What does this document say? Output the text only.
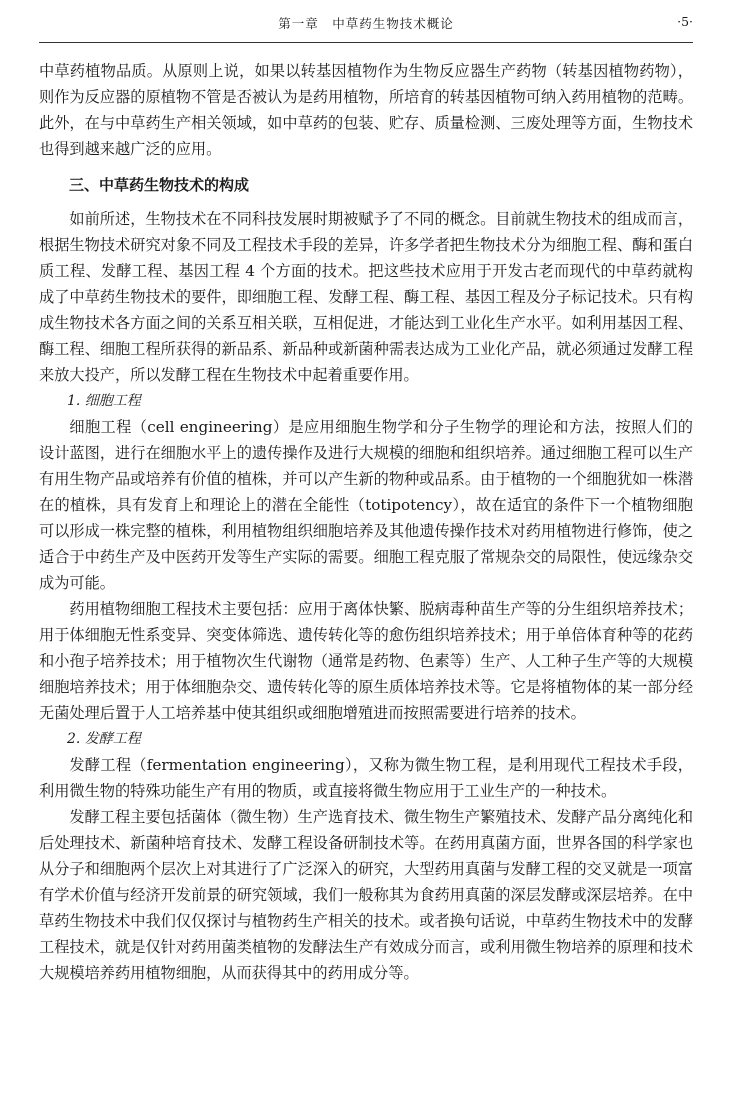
第一章　中草药生物技术概论	·5·

中草药植物品质。从原则上说，如果以转基因植物作为生物反应器生产药物（转基因植物药物），则作为反应器的原植物不管是否被认为是药用植物，所培育的转基因植物可纳入药用植物的范畴。此外，在与中草药生产相关领域，如中草药的包装、贮存、质量检测、三废处理等方面，生物技术也得到越来越广泛的应用。

三、中草药生物技术的构成

如前所述，生物技术在不同科技发展时期被赋予了不同的概念。目前就生物技术的组成而言，根据生物技术研究对象不同及工程技术手段的差异，许多学者把生物技术分为细胞工程、酶和蛋白质工程、发酵工程、基因工程 4 个方面的技术。把这些技术应用于开发古老而现代的中草药就构成了中草药生物技术的要件，即细胞工程、发酵工程、酶工程、基因工程及分子标记技术。只有构成生物技术各方面之间的关系互相关联，互相促进，才能达到工业化生产水平。如利用基因工程、酶工程、细胞工程所获得的新品系、新品种或新菌种需表达成为工业化产品，就必须通过发酵工程来放大投产，所以发酵工程在生物技术中起着重要作用。

1. 细胞工程

细胞工程（cell engineering）是应用细胞生物学和分子生物学的理论和方法，按照人们的设计蓝图，进行在细胞水平上的遗传操作及进行大规模的细胞和组织培养。通过细胞工程可以生产有用生物产品或培养有价值的植株，并可以产生新的物种或品系。由于植物的一个细胞犹如一株潜在的植株，具有发育上和理论上的潜在全能性（totipotency），故在适宜的条件下一个植物细胞可以形成一株完整的植株，利用植物组织细胞培养及其他遗传操作技术对药用植物进行修饰，使之适合于中药生产及中医药开发等生产实际的需要。细胞工程克服了常规杂交的局限性，使远缘杂交成为可能。

药用植物细胞工程技术主要包括：应用于离体快繁、脱病毒种苗生产等的分生组织培养技术；用于体细胞无性系变异、突变体筛选、遗传转化等的愈伤组织培养技术；用于单倍体育种等的花药和小孢子培养技术；用于植物次生代谢物（通常是药物、色素等）生产、人工种子生产等的大规模细胞培养技术；用于体细胞杂交、遗传转化等的原生质体培养技术等。它是将植物体的某一部分经无菌处理后置于人工培养基中使其组织或细胞增殖进而按照需要进行培养的技术。

2. 发酵工程

发酵工程（fermentation engineering），又称为微生物工程，是利用现代工程技术手段，利用微生物的特殊功能生产有用的物质，或直接将微生物应用于工业生产的一种技术。

发酵工程主要包括菌体（微生物）生产选育技术、微生物生产繁殖技术、发酵产品分离纯化和后处理技术、新菌种培育技术、发酵工程设备研制技术等。在药用真菌方面，世界各国的科学家也从分子和细胞两个层次上对其进行了广泛深入的研究，大型药用真菌与发酵工程的交叉就是一项富有学术价值与经济开发前景的研究领域，我们一般称其为食药用真菌的深层发酵或深层培养。在中草药生物技术中我们仅仅探讨与植物药生产相关的技术。或者换句话说，中草药生物技术中的发酵工程技术，就是仅针对药用菌类植物的发酵法生产有效成分而言，或利用微生物培养的原理和技术大规模培养药用植物细胞，从而获得其中的药用成分等。
